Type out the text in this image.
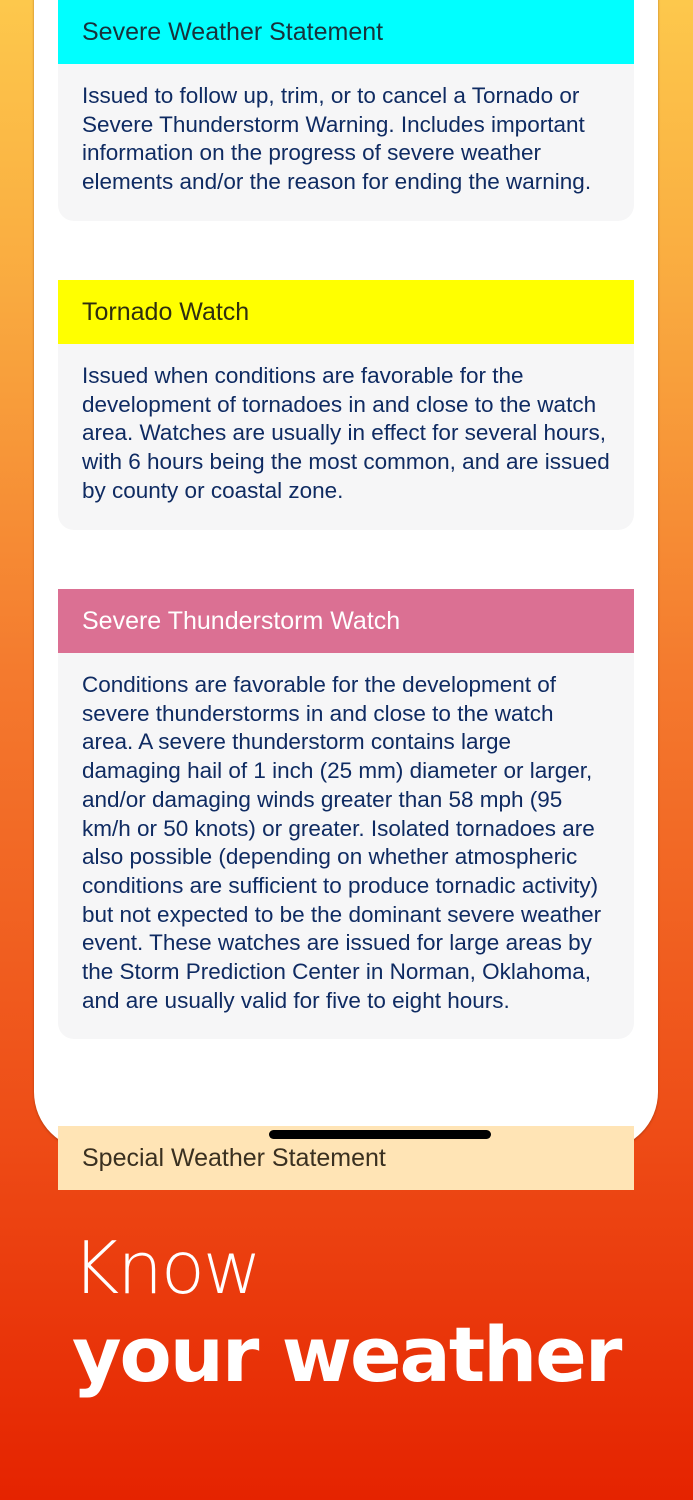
Severe Weather Statement
Issued to follow up, trim, or to cancel a Tornado or Severe Thunderstorm Warning. Includes important information on the progress of severe weather elements and/or the reason for ending the warning.
Tornado Watch
Issued when conditions are favorable for the development of tornadoes in and close to the watch area. Watches are usually in effect for several hours, with 6 hours being the most common, and are issued by county or coastal zone.
Severe Thunderstorm Watch
Conditions are favorable for the development of severe thunderstorms in and close to the watch area. A severe thunderstorm contains large damaging hail of 1 inch (25 mm) diameter or larger, and/or damaging winds greater than 58 mph (95 km/h or 50 knots) or greater. Isolated tornadoes are also possible (depending on whether atmospheric conditions are sufficient to produce tornadic activity) but not expected to be the dominant severe weather event. These watches are issued for large areas by the Storm Prediction Center in Norman, Oklahoma, and are usually valid for five to eight hours.
Special Weather Statement
Know
your weather
